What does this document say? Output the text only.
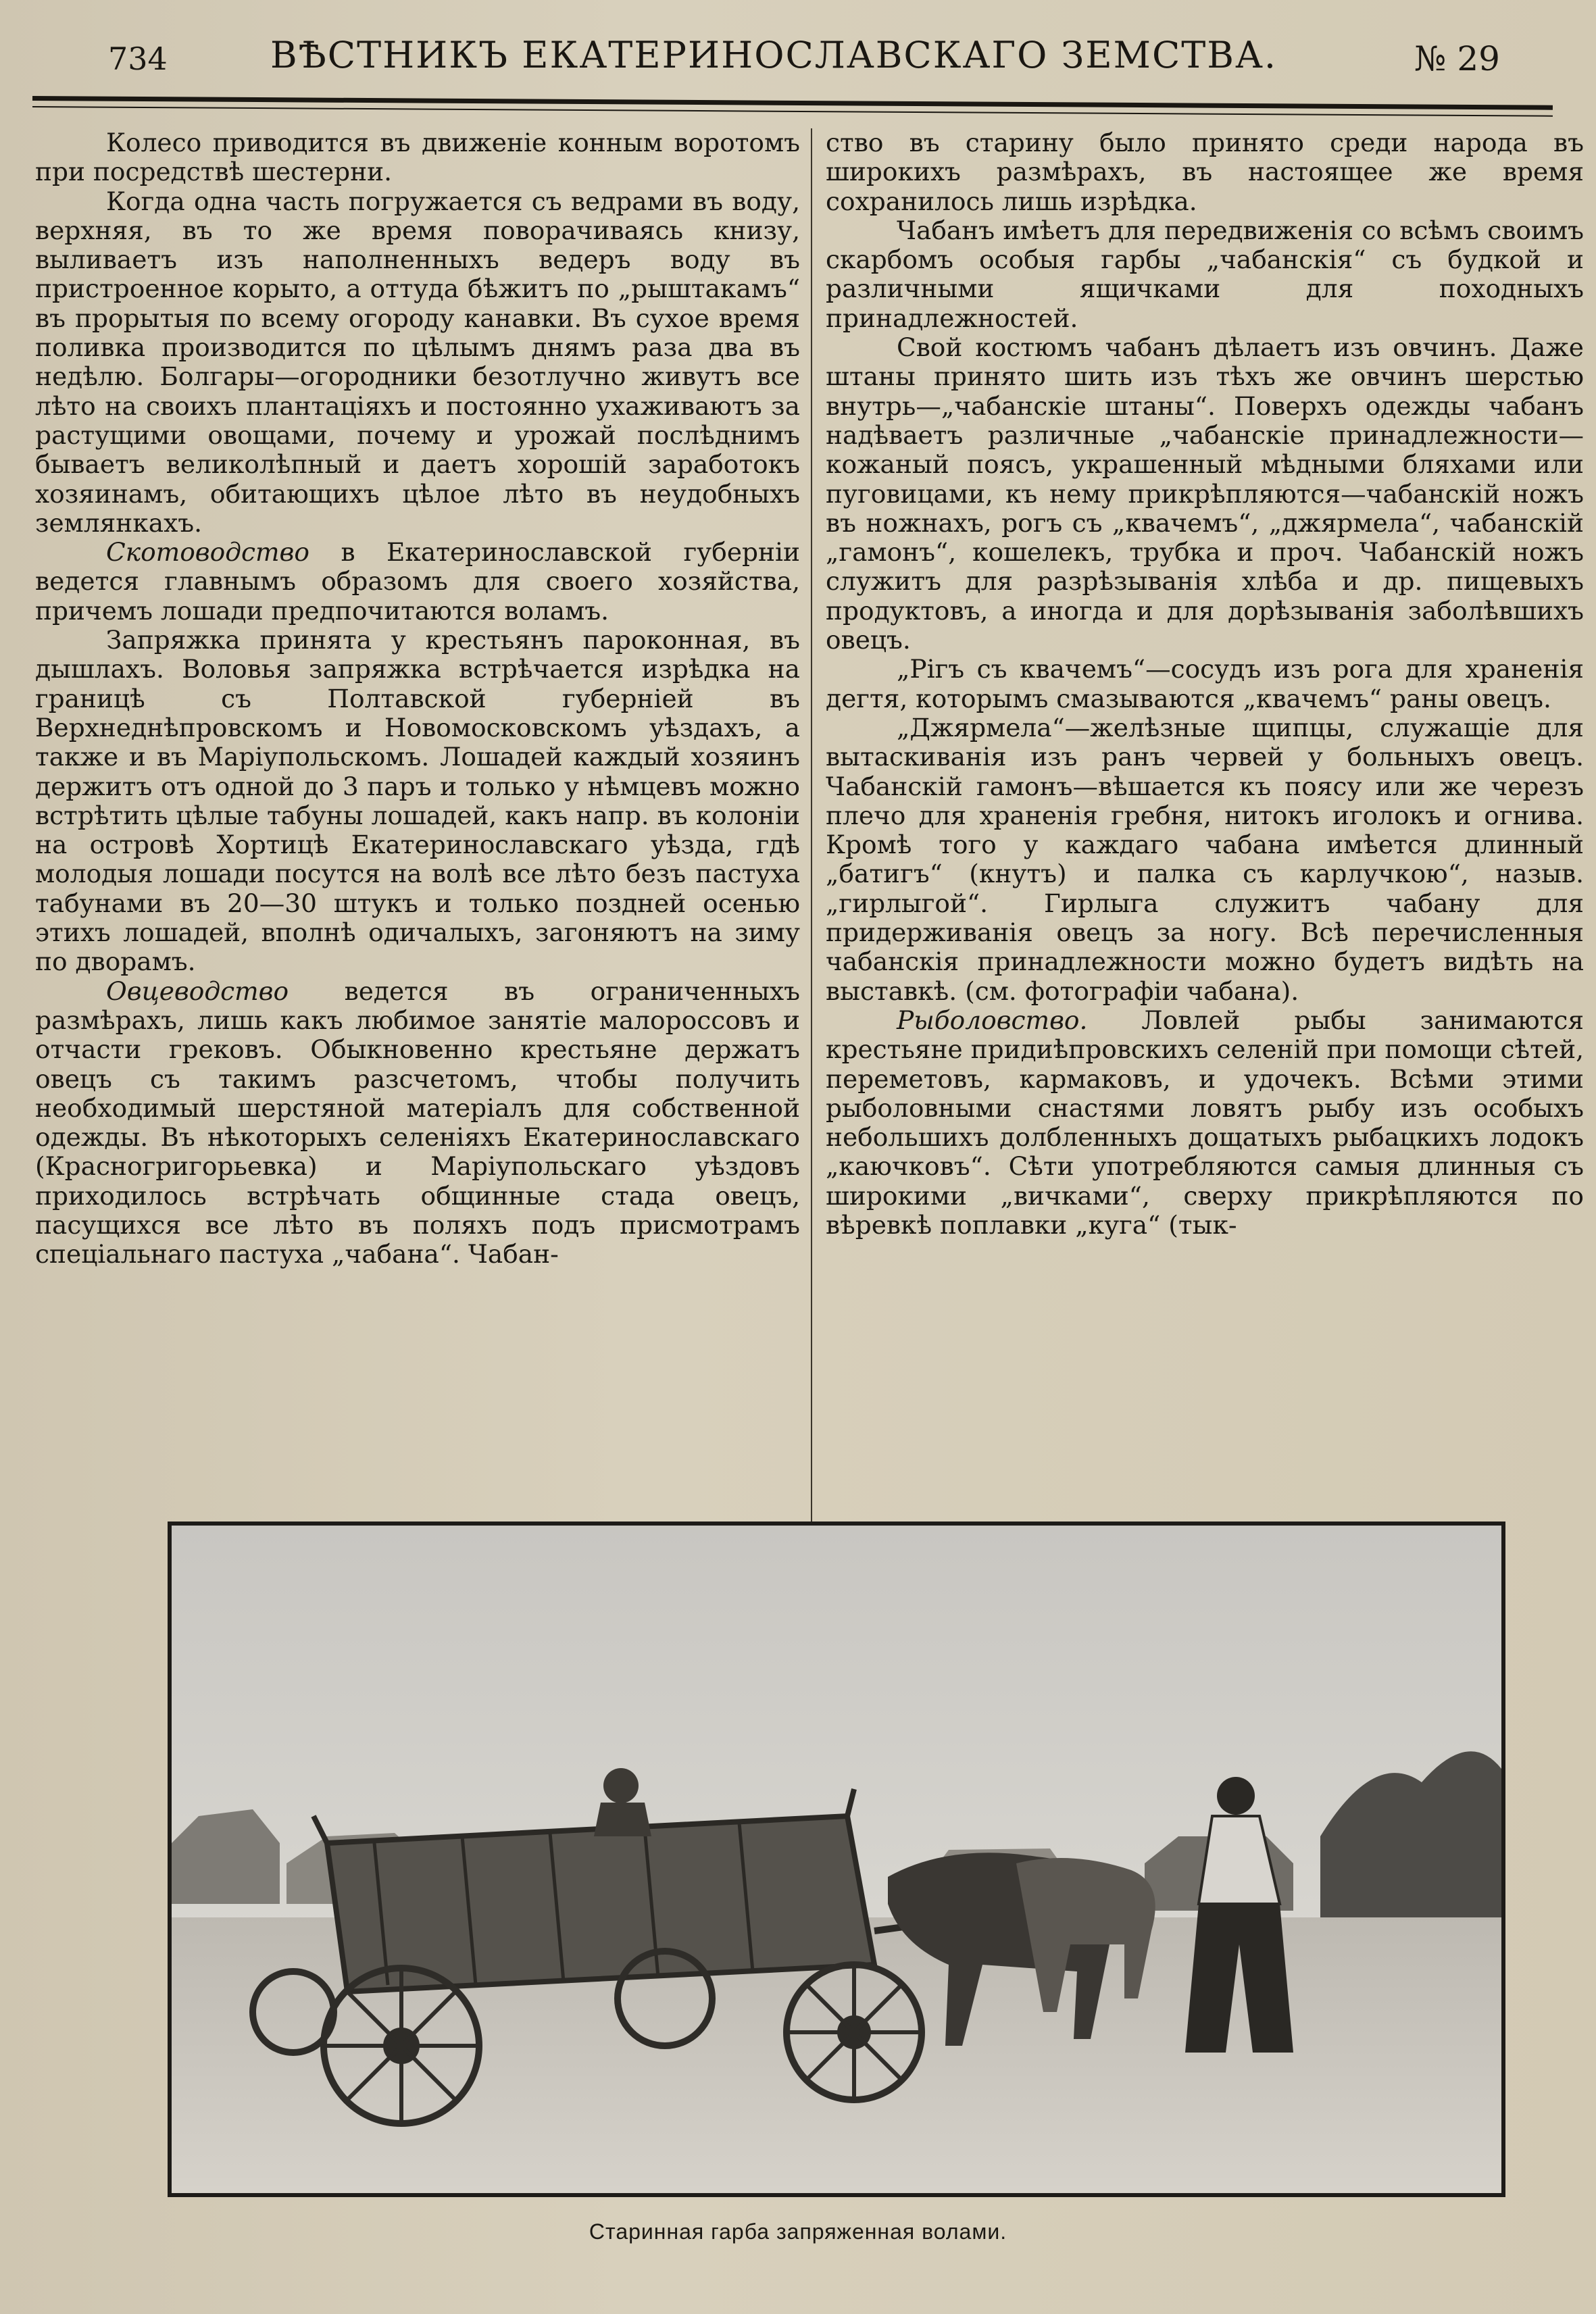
734	ВѢСТНИКЪ ЕКАТЕРИНОСЛАВСКАГО ЗЕМСТВА.	№ 29

Колесо приводится въ движеніе конным воротомъ при посредствѣ шестерни.

Когда одна часть погружается съ ведрами въ воду, верхняя, въ то же время поворачиваясь книзу, выливаетъ изъ наполненныхъ ведеръ воду въ пристроенное корыто, а оттуда бѣжитъ по „рыштакамъ“ въ прорытыя по всему огороду канавки. Въ сухое время поливка производится по цѣлымъ днямъ раза два въ недѣлю. Болгары—огородники безотлучно живутъ все лѣто на своихъ плантаціяхъ и постоянно ухаживаютъ за растущими овощами, почему и урожай послѣднимъ бываетъ великолѣпный и даетъ хорошій заработокъ хозяинамъ, обитающихъ цѣлое лѣто въ неудобныхъ землянкахъ.

Скотоводство в Екатеринославской губерніи ведется главнымъ образомъ для своего хозяйства, причемъ лошади предпочитаются воламъ.

Запряжка принята у крестьянъ пароконная, въ дышлахъ. Воловья запряжка встрѣчается изрѣдка на границѣ съ Полтавской губерніей въ Верхнеднѣпровскомъ и Новомосковскомъ уѣздахъ, а также и въ Маріупольскомъ. Лошадей каждый хозяинъ держитъ отъ одной до 3 паръ и только у нѣмцевъ можно встрѣтить цѣлые табуны лошадей, какъ напр. въ колоніи на островѣ Хортицѣ Екатеринославскаго уѣзда, гдѣ молодыя лошади посутся на волѣ все лѣто безъ пастуха табунами въ 20—30 штукъ и только поздней осенью этихъ лошадей, вполнѣ одичалыхъ, загоняютъ на зиму по дворамъ.

Овцеводство ведется въ ограниченныхъ размѣрахъ, лишь какъ любимое занятіе малороссовъ и отчасти грековъ. Обыкновенно крестьяне держатъ овецъ съ такимъ разсчетомъ, чтобы получить необходимый шерстяной матеріалъ для собственной одежды. Въ нѣкоторыхъ селеніяхъ Екатеринославскаго (Красногригорьевка) и Маріупольскаго уѣздовъ приходилось встрѣчать общинные стада овецъ, пасущихся все лѣто въ поляхъ подъ присмотрамъ спеціальнаго пастуха „чабана“. Чабан-

ство въ старину было принято среди народа въ широкихъ размѣрахъ, въ настоящее же время сохранилось лишь изрѣдка.

Чабанъ имѣетъ для передвиженія со всѣмъ своимъ скарбомъ особыя гарбы „чабанскія“ съ будкой и различными ящичками для походныхъ принадлежностей.

Свой костюмъ чабанъ дѣлаетъ изъ овчинъ. Даже штаны принято шить изъ тѣхъ же овчинъ шерстью внутрь—„чабанскіе штаны“. Поверхъ одежды чабанъ надѣваетъ различные „чабанскіе принадлежности—кожаный поясъ, украшенный мѣдными бляхами или пуговицами, къ нему прикрѣпляются—чабанскій ножъ въ ножнахъ, рогъ съ „квачемъ“, „джярмела“, чабанскій „гамонъ“, кошелекъ, трубка и проч. Чабанскій ножъ служитъ для разрѣзыванія хлѣба и др. пищевыхъ продуктовъ, а иногда и для дорѣзыванія заболѣвшихъ овецъ.

„Рігъ съ квачемъ“—сосудъ изъ рога для храненія дегтя, которымъ смазываются „квачемъ“ раны овецъ.

„Джярмела“—желѣзные щипцы, служащіе для вытаскиванія изъ ранъ червей у больныхъ овецъ. Чабанскій гамонъ—вѣшается къ поясу или же черезъ плечо для храненія гребня, нитокъ иголокъ и огнива. Кромѣ того у каждаго чабана имѣется длинный „батигъ“ (кнутъ) и палка съ карлучкою“, назыв. „гирлыгой“. Гирлыга служитъ чабану для придерживанія овецъ за ногу. Всѣ перечисленныя чабанскія принадлежности можно будетъ видѣть на выставкѣ. (см. фотографіи чабана).

Рыболовство. Ловлей рыбы занимаются крестьяне придиѣпровскихъ селеній при помощи сѣтей, переметовъ, кармаковъ, и удочекъ. Всѣми этими рыболовными снастями ловятъ рыбу изъ особыхъ небольшихъ долбленныхъ дощатыхъ рыбацкихъ лодокъ „каючковъ“. Сѣти употребляются самыя длинныя съ широкими „вичками“, сверху прикрѣпляются по вѣревкѣ поплавки „куга“ (тык-

Старинная гарба запряженная волами.
